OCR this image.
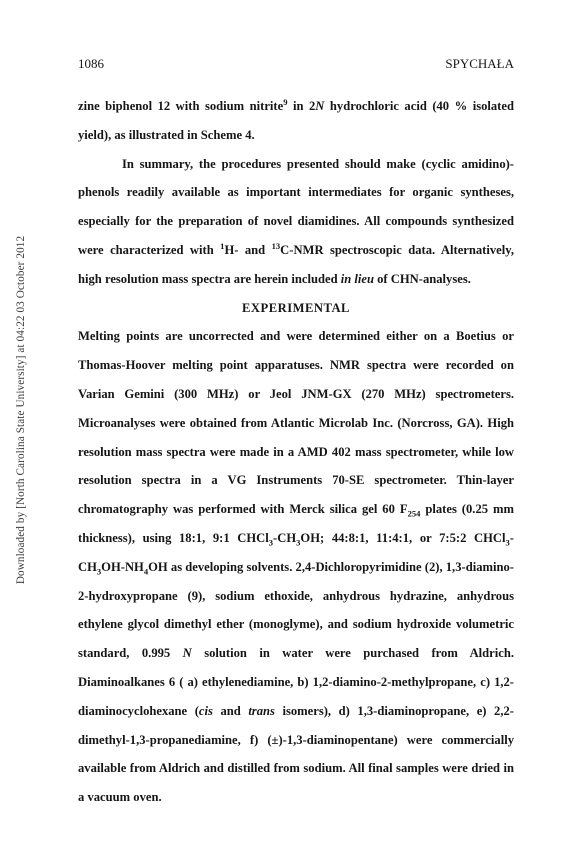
Downloaded by [North Carolina State University] at 04:22 03 October 2012
1086	SPYCHAŁA

zine biphenol 12 with sodium nitrite$^9$ in 2N hydrochloric acid (40 % isolated yield), as illustrated in Scheme 4.

In summary, the procedures presented should make (cyclic amidino)-phenols readily available as important intermediates for organic syntheses, especially for the preparation of novel diamidines. All compounds synthesized were characterized with $^1$H- and $^{13}$C-NMR spectroscopic data. Alternatively, high resolution mass spectra are herein included in lieu of CHN-analyses.

EXPERIMENTAL

Melting points are uncorrected and were determined either on a Boetius or Thomas-Hoover melting point apparatuses. NMR spectra were recorded on Varian Gemini (300 MHz) or Jeol JNM-GX (270 MHz) spectrometers. Microanalyses were obtained from Atlantic Microlab Inc. (Norcross, GA). High resolution mass spectra were made in a AMD 402 mass spectrometer, while low resolution spectra in a VG Instruments 70-SE spectrometer. Thin-layer chromatography was performed with Merck silica gel 60 $F_{254}$ plates (0.25 mm thickness), using 18:1, 9:1 $CHCl_3-CH_3OH$; 44:8:1, 11:4:1, or 7:5:2 $CHCl_3-CH_3OH-NH_4OH$ as developing solvents. 2,4-Dichloropyrimidine (2), 1,3-diamino-2-hydroxypropane (9), sodium ethoxide, anhydrous hydrazine, anhydrous ethylene glycol dimethyl ether (monoglyme), and sodium hydroxide volumetric standard, 0.995 N solution in water were purchased from Aldrich. Diaminoalkanes 6 ( a) ethylenediamine, b) 1,2-diamino-2-methylpropane, c) 1,2-diaminocyclohexane (cis and trans isomers), d) 1,3-diaminopropane, e) 2,2-dimethyl-1,3-propanediamine, f) (±)-1,3-diaminopentane) were commercially available from Aldrich and distilled from sodium. All final samples were dried in a vacuum oven.
